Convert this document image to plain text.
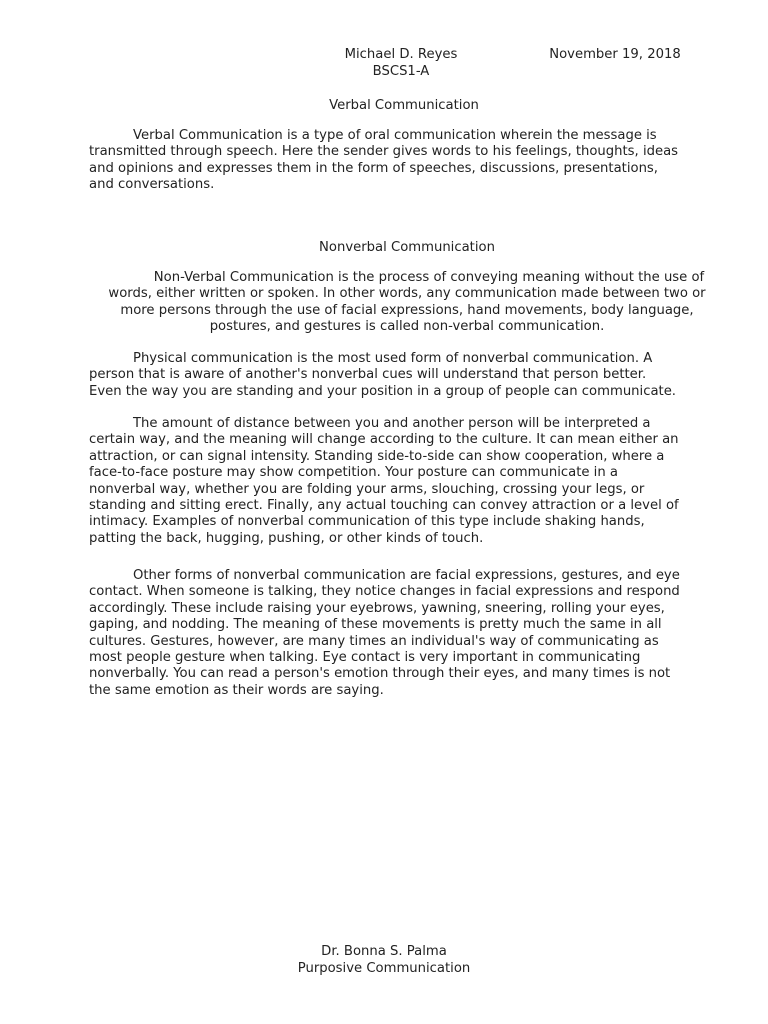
Michael D. Reyes
BSCS1-A
November 19, 2018
Verbal Communication

Verbal Communication is a type of oral communication wherein the message is transmitted through speech. Here the sender gives words to his feelings, thoughts, ideas and opinions and expresses them in the form of speeches, discussions, presentations, and conversations.

Nonverbal Communication

Non-Verbal Communication is the process of conveying meaning without the use of words, either written or spoken. In other words, any communication made between two or more persons through the use of facial expressions, hand movements, body language, postures, and gestures is called non-verbal communication.

Physical communication is the most used form of nonverbal communication. A person that is aware of another's nonverbal cues will understand that person better. Even the way you are standing and your position in a group of people can communicate.

The amount of distance between you and another person will be interpreted a certain way, and the meaning will change according to the culture. It can mean either an attraction, or can signal intensity. Standing side-to-side can show cooperation, where a face-to-face posture may show competition. Your posture can communicate in a nonverbal way, whether you are folding your arms, slouching, crossing your legs, or standing and sitting erect. Finally, any actual touching can convey attraction or a level of intimacy. Examples of nonverbal communication of this type include shaking hands, patting the back, hugging, pushing, or other kinds of touch.

Other forms of nonverbal communication are facial expressions, gestures, and eye contact. When someone is talking, they notice changes in facial expressions and respond accordingly. These include raising your eyebrows, yawning, sneering, rolling your eyes, gaping, and nodding. The meaning of these movements is pretty much the same in all cultures. Gestures, however, are many times an individual's way of communicating as most people gesture when talking. Eye contact is very important in communicating nonverbally. You can read a person's emotion through their eyes, and many times is not the same emotion as their words are saying.

Dr. Bonna S. Palma
Purposive Communication
